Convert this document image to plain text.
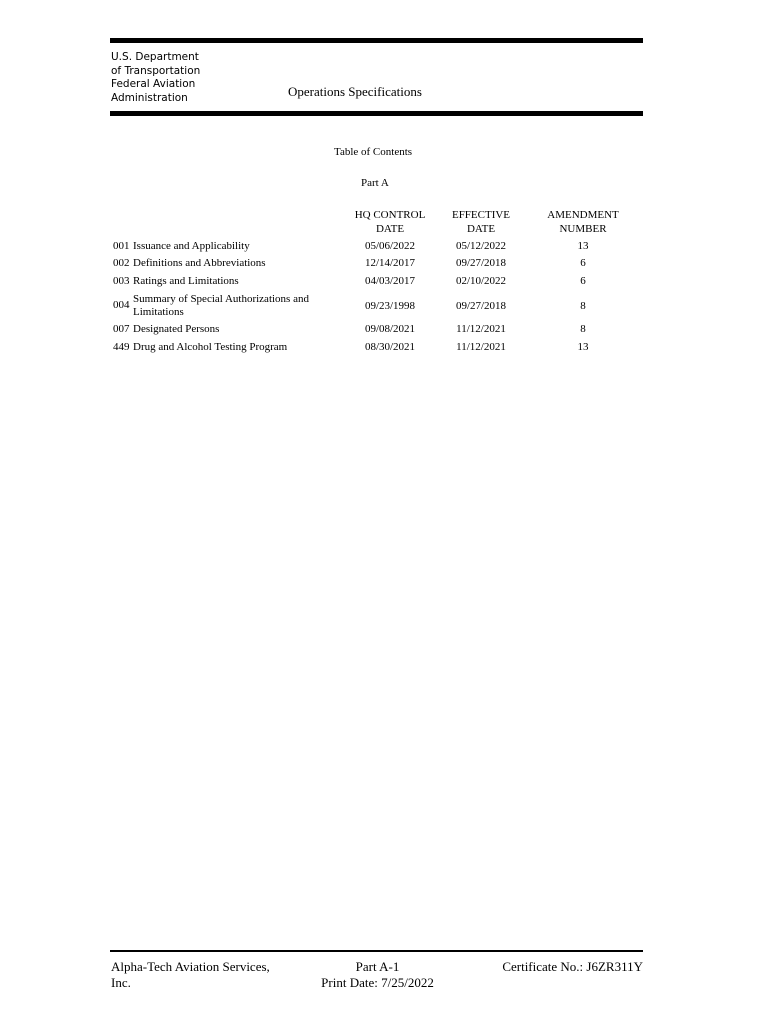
U.S. Department
of Transportation
Federal Aviation
Administration	Operations Specifications
Table of Contents
Part A
HQ CONTROL
DATE
EFFECTIVE
DATE
AMENDMENT
NUMBER
001 Issuance and Applicability	05/06/2022	05/12/2022	13
002 Definitions and Abbreviations	12/14/2017	09/27/2018	6
003 Ratings and Limitations	04/03/2017	02/10/2022	6
004 Summary of Special Authorizations and
Limitations	09/23/1998	09/27/2018	8
007 Designated Persons	09/08/2021	11/12/2021	8
449 Drug and Alcohol Testing Program	08/30/2021	11/12/2021	13
Alpha-Tech Aviation Services,
Inc.
Part A-1
Print Date: 7/25/2022
Certificate No.: J6ZR311Y
